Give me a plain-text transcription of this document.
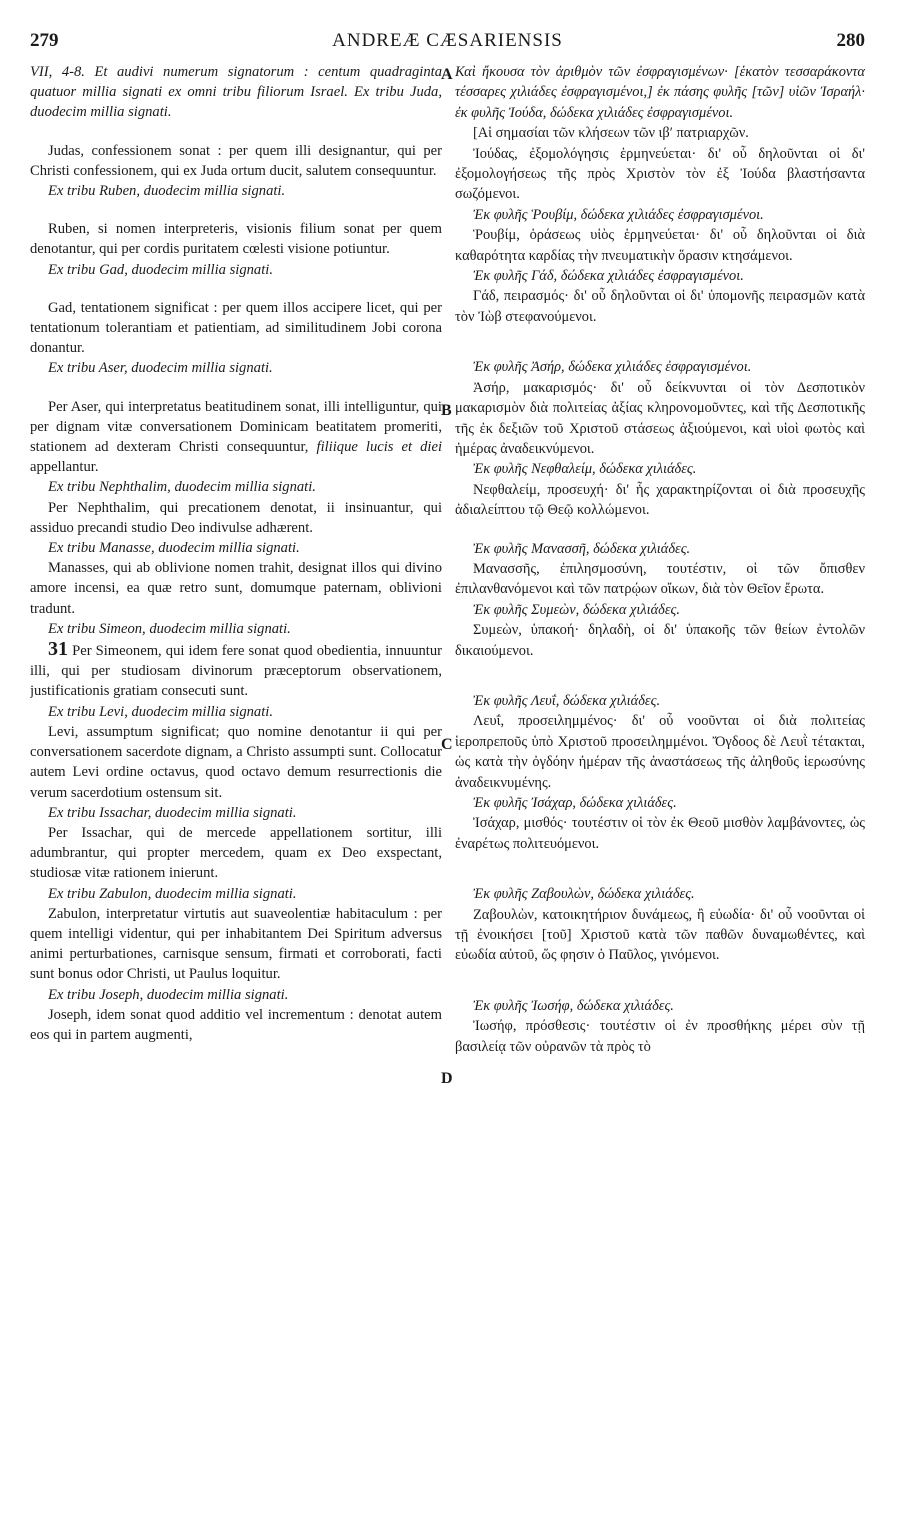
279	ANDREÆ CÆSARIENSIS	280
A
B
C
D

VII, 4-8. Et audivi numerum signatorum : centum quadraginta quatuor millia signati ex omni tribu filiorum Israel. Ex tribu Juda, duodecim millia signati.

Judas, confessionem sonat : per quem illi designantur, qui per Christi confessionem, qui ex Juda ortum ducit, salutem consequuntur.

Ex tribu Ruben, duodecim millia signati.

Ruben, si nomen interpreteris, visionis filium sonat per quem denotantur, qui per cordis puritatem cœlesti visione potiuntur.

Ex tribu Gad, duodecim millia signati.

Gad, tentationem significat : per quem illos accipere licet, qui per tentationum tolerantiam et patientiam, ad similitudinem Jobi corona donantur.

Ex tribu Aser, duodecim millia signati.

Per Aser, qui interpretatus beatitudinem sonat, illi intelliguntur, qui per dignam vitæ conversationem Dominicam beatitatem promeriti, stationem ad dexteram Christi consequuntur, filiique lucis et diei appellantur.

Ex tribu Nephthalim, duodecim millia signati.

Per Nephthalim, qui precationem denotat, ii insinuantur, qui assiduo precandi studio Deo indivulse adhærent.

Ex tribu Manasse, duodecim millia signati.

Manasses, qui ab oblivione nomen trahit, designat illos qui divino amore incensi, ea quæ retro sunt, domumque paternam, oblivioni tradunt.

Ex tribu Simeon, duodecim millia signati.

31 Per Simeonem, qui idem fere sonat quod obedientia, innuuntur illi, qui per studiosam divinorum præceptorum observationem, justificationis gratiam consecuti sunt.

Ex tribu Levi, duodecim millia signati.

Levi, assumptum significat; quo nomine denotantur ii qui per conversationem sacerdote dignam, a Christo assumpti sunt. Collocatur autem Levi ordine octavus, quod octavo demum resurrectionis die verum sacerdotium ostensum sit.

Ex tribu Issachar, duodecim millia signati.

Per Issachar, qui de mercede appellationem sortitur, illi adumbrantur, qui propter mercedem, quam ex Deo exspectant, studiosæ vitæ rationem inierunt.

Ex tribu Zabulon, duodecim millia signati.

Zabulon, interpretatur virtutis aut suaveolentiæ habitaculum : per quem intelligi videntur, qui per inhabitantem Dei Spiritum adversus animi perturbationes, carnisque sensum, firmati et corroborati, facti sunt bonus odor Christi, ut Paulus loquitur.

Ex tribu Joseph, duodecim millia signati.

Joseph, idem sonat quod additio vel incrementum : denotat autem eos qui in partem augmenti,

Καὶ ἤκουσα τὸν ἀριθμὸν τῶν ἐσφραγισμένων· [ἑκατὸν τεσσαράκοντα τέσσαρες χιλιάδες ἐσφραγισμένοι,] ἐκ πάσης φυλῆς [τῶν] υἱῶν Ἰσραήλ· ἐκ φυλῆς Ἰούδα, δώδεκα χιλιάδες ἐσφραγισμένοι.

[Αἱ σημασίαι τῶν κλήσεων τῶν ιβʹ πατριαρχῶν.

Ἰούδας, ἐξομολόγησις ἑρμηνεύεται· δι' οὗ δηλοῦνται οἱ δι' ἐξομολογήσεως τῆς πρὸς Χριστὸν τὸν ἐξ Ἰούδα βλαστήσαντα σωζόμενοι.

Ἐκ φυλῆς Ῥουβίμ, δώδεκα χιλιάδες ἐσφραγισμένοι.

Ῥουβίμ, ὁράσεως υἱὸς ἑρμηνεύεται· δι' οὗ δηλοῦνται οἱ διὰ καθαρότητα καρδίας τὴν πνευματικὴν ὅρασιν κτησάμενοι.

Ἐκ φυλῆς Γάδ, δώδεκα χιλιάδες ἐσφραγισμένοι.

Γάδ, πειρασμός· δι' οὗ δηλοῦνται οἱ δι' ὑπομονῆς πειρασμῶν κατὰ τὸν Ἰὼβ στεφανούμενοι.

Ἐκ φυλῆς Ἀσήρ, δώδεκα χιλιάδες ἐσφραγισμένοι.

Ἀσήρ, μακαρισμός· δι' οὗ δείκνυνται οἱ τὸν Δεσποτικὸν μακαρισμὸν διὰ πολιτείας ἀξίας κληρονομοῦντες, καὶ τῆς Δεσποτικῆς τῆς ἐκ δεξιῶν τοῦ Χριστοῦ στάσεως ἀξιούμενοι, καὶ υἱοὶ φωτὸς καὶ ἡμέρας ἀναδεικνύμενοι.

Ἐκ φυλῆς Νεφθαλείμ, δώδεκα χιλιάδες.

Νεφθαλείμ, προσευχή· δι' ἧς χαρακτηρίζονται οἱ διὰ προσευχῆς ἀδιαλείπτου τῷ Θεῷ κολλώμενοι.

Ἐκ φυλῆς Μανασσῆ, δώδεκα χιλιάδες.

Μανασσῆς, ἐπιλησμοσύνη, τουτέστιν, οἱ τῶν ὄπισθεν ἐπιλανθανόμενοι καὶ τῶν πατρῴων οἴκων, διὰ τὸν Θεῖον ἔρωτα.

Ἐκ φυλῆς Συμεὼν, δώδεκα χιλιάδες.

Συμεὼν, ὑπακοή· δηλαδὴ, οἱ δι' ὑπακοῆς τῶν θείων ἐντολῶν δικαιούμενοι.

Ἐκ φυλῆς Λευΐ, δώδεκα χιλιάδες.

Λευΐ, προσειλημμένος· δι' οὗ νοοῦνται οἱ διὰ πολιτείας ἱεροπρεποῦς ὑπὸ Χριστοῦ προσειλημμένοι. Ὄγδοος δὲ Λευῒ τέτακται, ὡς κατὰ τὴν ὀγδόην ἡμέραν τῆς ἀναστάσεως τῆς ἀληθοῦς ἱερωσύνης ἀναδεικνυμένης.

Ἐκ φυλῆς Ἰσάχαρ, δώδεκα χιλιάδες.

Ἰσάχαρ, μισθός· τουτέστιν οἱ τὸν ἐκ Θεοῦ μισθὸν λαμβάνοντες, ὡς ἐναρέτως πολιτευόμενοι.

Ἐκ φυλῆς Ζαβουλὼν, δώδεκα χιλιάδες.

Ζαβουλὼν, κατοικητήριον δυνάμεως, ἢ εὐωδία· δι' οὗ νοοῦνται οἱ τῇ ἐνοικήσει [τοῦ] Χριστοῦ κατὰ τῶν παθῶν δυναμωθέντες, καὶ εὐωδία αὐτοῦ, ὥς φησιν ὁ Παῦλος, γινόμενοι.

Ἐκ φυλῆς Ἰωσήφ, δώδεκα χιλιάδες.

Ἰωσήφ, πρόσθεσις· τουτέστιν οἱ ἐν προσθήκης μέρει σὺν τῇ βασιλείᾳ τῶν οὐρανῶν τὰ πρὸς τὸ
